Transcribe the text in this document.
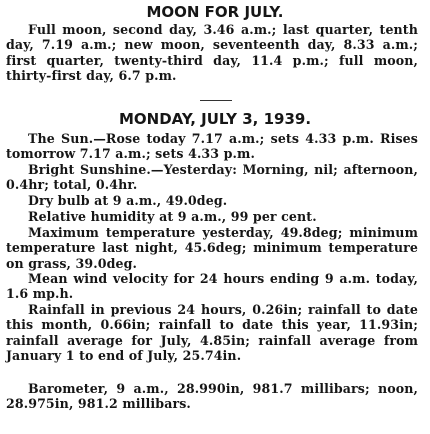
MOON FOR JULY.

Full moon, second day, 3.46 a.m.; last quarter, tenth day, 7.19 a.m.; new moon, seventeenth day, 8.33 a.m.; first quarter, twenty-third day, 11.4 p.m.; full moon, thirty-first day, 6.7 p.m.

MONDAY, JULY 3, 1939.

The Sun.—Rose today 7.17 a.m.; sets 4.33 p.m. Rises tomorrow 7.17 a.m.; sets 4.33 p.m.

Bright Sunshine.—Yesterday: Morning, nil; afternoon, 0.4hr; total, 0.4hr.

Dry bulb at 9 a.m., 49.0deg.

Relative humidity at 9 a.m., 99 per cent.

Maximum temperature yesterday, 49.8deg; minimum temperature last night, 45.6deg; minimum temperature on grass, 39.0deg.

Mean wind velocity for 24 hours ending 9 a.m. today, 1.6 mp.h.

Rainfall in previous 24 hours, 0.26in; rainfall to date this month, 0.66in; rainfall to date this year, 11.93in; rainfall average for July, 4.85in; rainfall average from January 1 to end of July, 25.74in.

Barometer, 9 a.m., 28.990in, 981.7 millibars; noon, 28.975in, 981.2 millibars.
